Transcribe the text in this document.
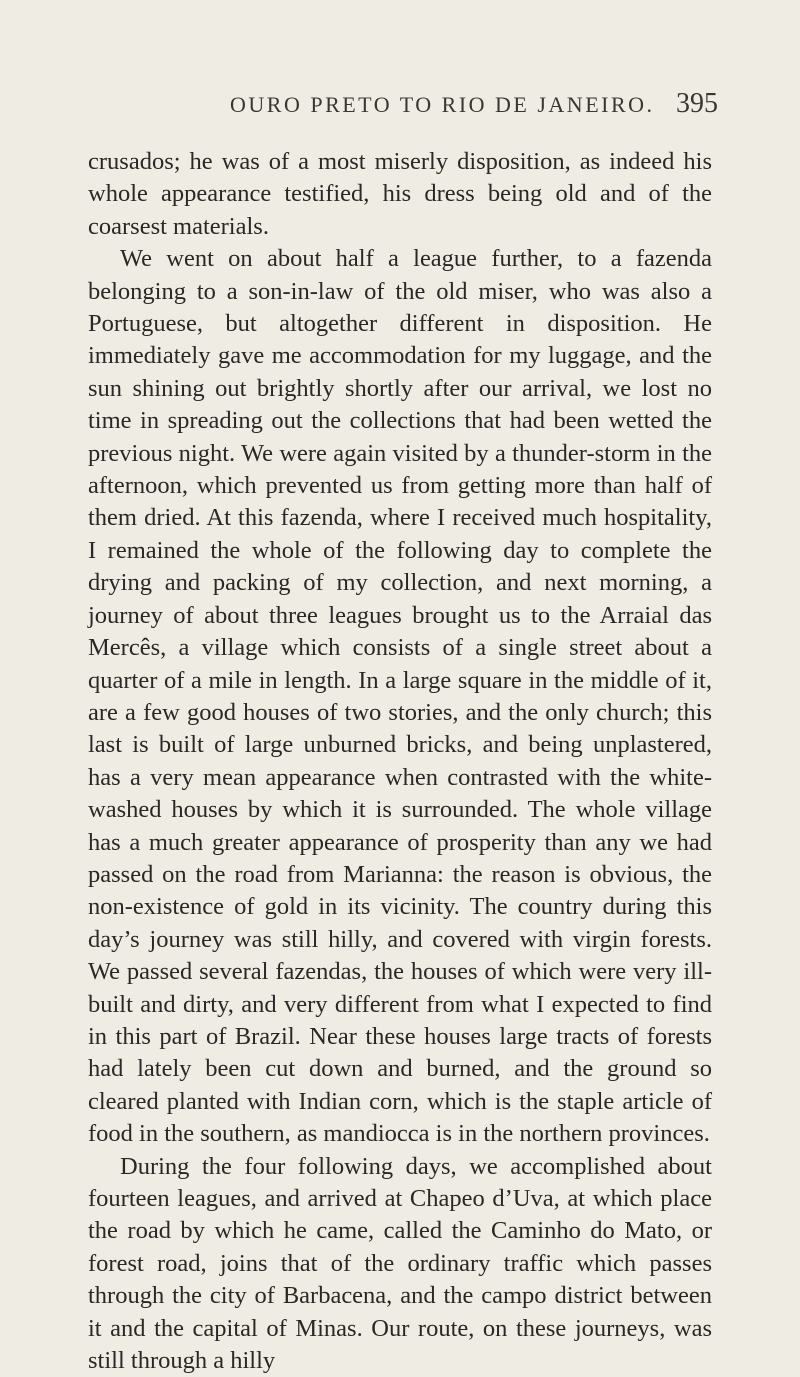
OURO PRETO TO RIO DE JANEIRO. 395

crusados; he was of a most miserly disposition, as indeed his whole appearance testified, his dress being old and of the coarsest materials.

We went on about half a league further, to a fazenda belonging to a son-in-law of the old miser, who was also a Portuguese, but altogether different in disposition. He immediately gave me accommodation for my luggage, and the sun shining out brightly shortly after our arrival, we lost no time in spreading out the collections that had been wetted the previous night. We were again visited by a thunder-storm in the afternoon, which prevented us from getting more than half of them dried. At this fazenda, where I received much hospitality, I remained the whole of the following day to complete the drying and packing of my collection, and next morning, a journey of about three leagues brought us to the Arraial das Mercês, a village which consists of a single street about a quarter of a mile in length. In a large square in the middle of it, are a few good houses of two stories, and the only church; this last is built of large unburned bricks, and being unplastered, has a very mean appearance when contrasted with the white-washed houses by which it is surrounded. The whole village has a much greater appearance of prosperity than any we had passed on the road from Marianna: the reason is obvious, the non-existence of gold in its vicinity. The country during this day’s journey was still hilly, and covered with virgin forests. We passed several fazendas, the houses of which were very ill-built and dirty, and very different from what I expected to find in this part of Brazil. Near these houses large tracts of forests had lately been cut down and burned, and the ground so cleared planted with Indian corn, which is the staple article of food in the southern, as mandiocca is in the northern provinces.

During the four following days, we accomplished about fourteen leagues, and arrived at Chapeo d’Uva, at which place the road by which he came, called the Caminho do Mato, or forest road, joins that of the ordinary traffic which passes through the city of Barbacena, and the campo district between it and the capital of Minas. Our route, on these journeys, was still through a hilly
